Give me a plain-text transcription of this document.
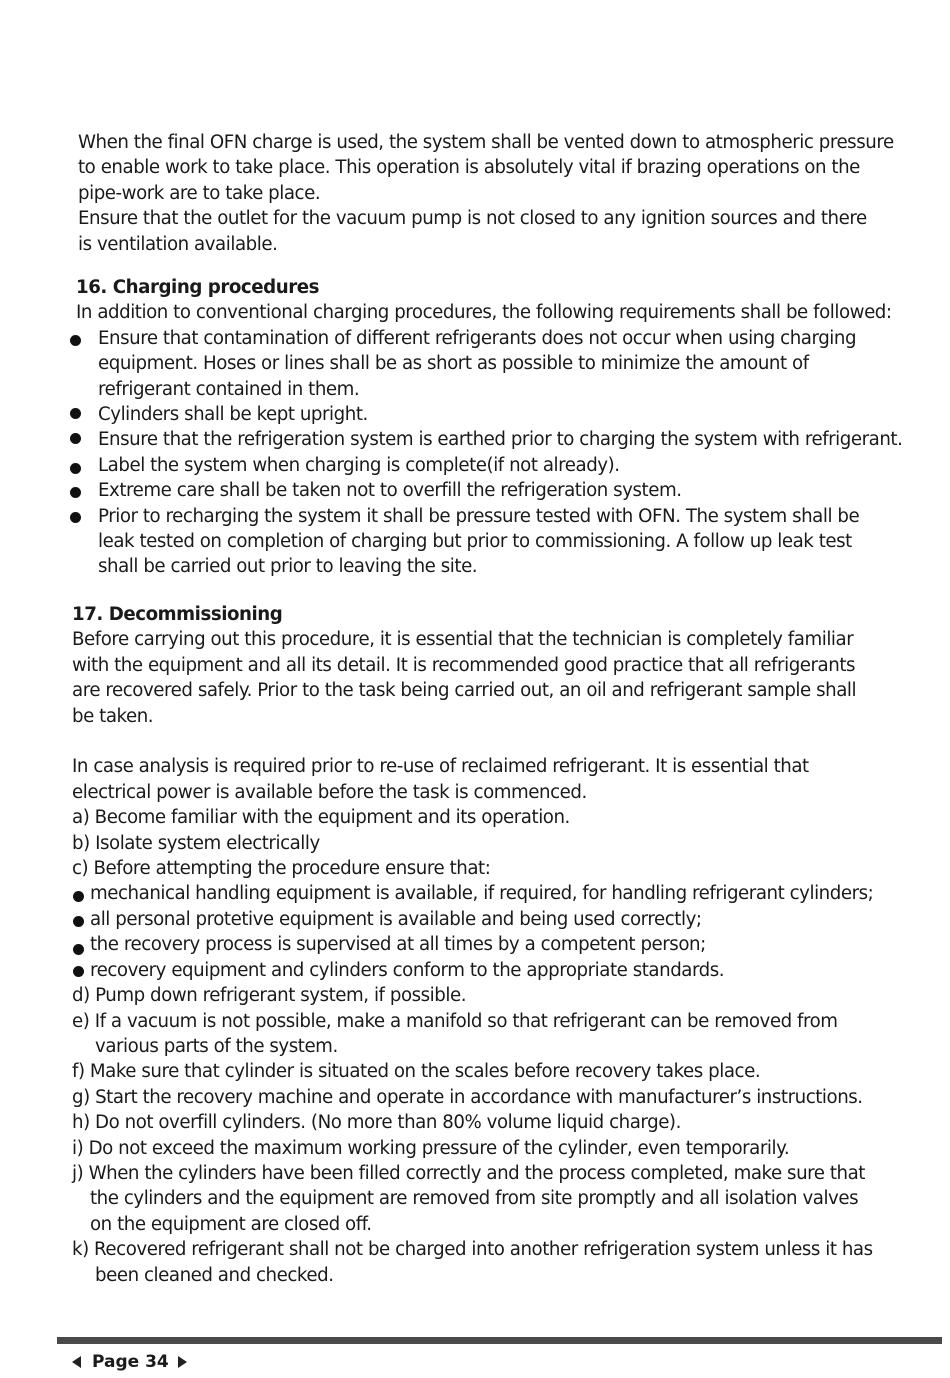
When the final OFN charge is used, the system shall be vented down to atmospheric pressure
to enable work to take place. This operation is absolutely vital if brazing operations on the
pipe-work are to take place.
Ensure that the outlet for the vacuum pump is not closed to any ignition sources and there
is ventilation available.
16. Charging procedures
In addition to conventional charging procedures, the following requirements shall be followed:
Ensure that contamination of different refrigerants does not occur when using charging
equipment. Hoses or lines shall be as short as possible to minimize the amount of
refrigerant contained in them.
Cylinders shall be kept upright.
Ensure that the refrigeration system is earthed prior to charging the system with refrigerant.
Label the system when charging is complete(if not already).
Extreme care shall be taken not to overfill the refrigeration system.
Prior to recharging the system it shall be pressure tested with OFN. The system shall be
leak tested on completion of charging but prior to commissioning. A follow up leak test
shall be carried out prior to leaving the site.
17. Decommissioning
Before carrying out this procedure, it is essential that the technician is completely familiar
with the equipment and all its detail. It is recommended good practice that all refrigerants
are recovered safely. Prior to the task being carried out, an oil and refrigerant sample shall
be taken.

In case analysis is required prior to re-use of reclaimed refrigerant. It is essential that
electrical power is available before the task is commenced.
a) Become familiar with the equipment and its operation.
b) Isolate system electrically
c) Before attempting the procedure ensure that:
mechanical handling equipment is available, if required, for handling refrigerant cylinders;
all personal protetive equipment is available and being used correctly;
the recovery process is supervised at all times by a competent person;
recovery equipment and cylinders conform to the appropriate standards.
d) Pump down refrigerant system, if possible.
e) If a vacuum is not possible, make a manifold so that refrigerant can be removed from
various parts of the system.
f) Make sure that cylinder is situated on the scales before recovery takes place.
g) Start the recovery machine and operate in accordance with manufacturer’s instructions.
h) Do not overfill cylinders. (No more than 80% volume liquid charge).
i) Do not exceed the maximum working pressure of the cylinder, even temporarily.
j) When the cylinders have been filled correctly and the process completed, make sure that
the cylinders and the equipment are removed from site promptly and all isolation valves
on the equipment are closed off.
k) Recovered refrigerant shall not be charged into another refrigeration system unless it has
been cleaned and checked.
Page 34
